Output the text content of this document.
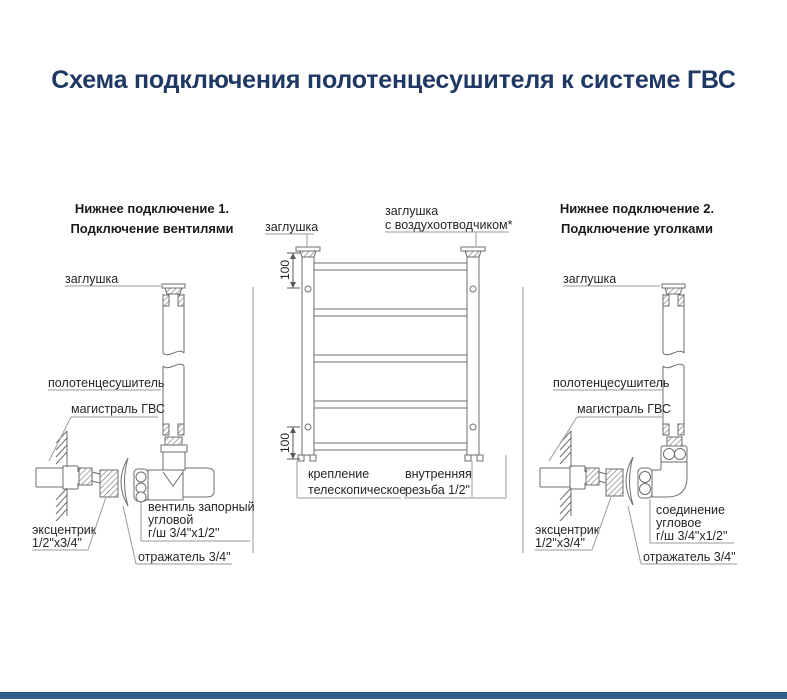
Схема подключения полотенцесушителя к системе ГВС
Нижнее подключение 1.
Подключение вентилями
заглушка
полотенцесушитель
магистраль ГВС
эксцентрик
1/2"x3/4"
вентиль запорный
угловой
г/ш 3/4"x1/2"
отражатель 3/4"
100
100
заглушка
заглушка
с воздухоотводчиком*
крепление
телескопическое
внутренняя
резьба 1/2"
Нижнее подключение 2.
Подключение уголками
заглушка
полотенцесушитель
магистраль ГВС
эксцентрик
1/2"x3/4"
соединение
угловое
г/ш 3/4"x1/2"
отражатель 3/4"
